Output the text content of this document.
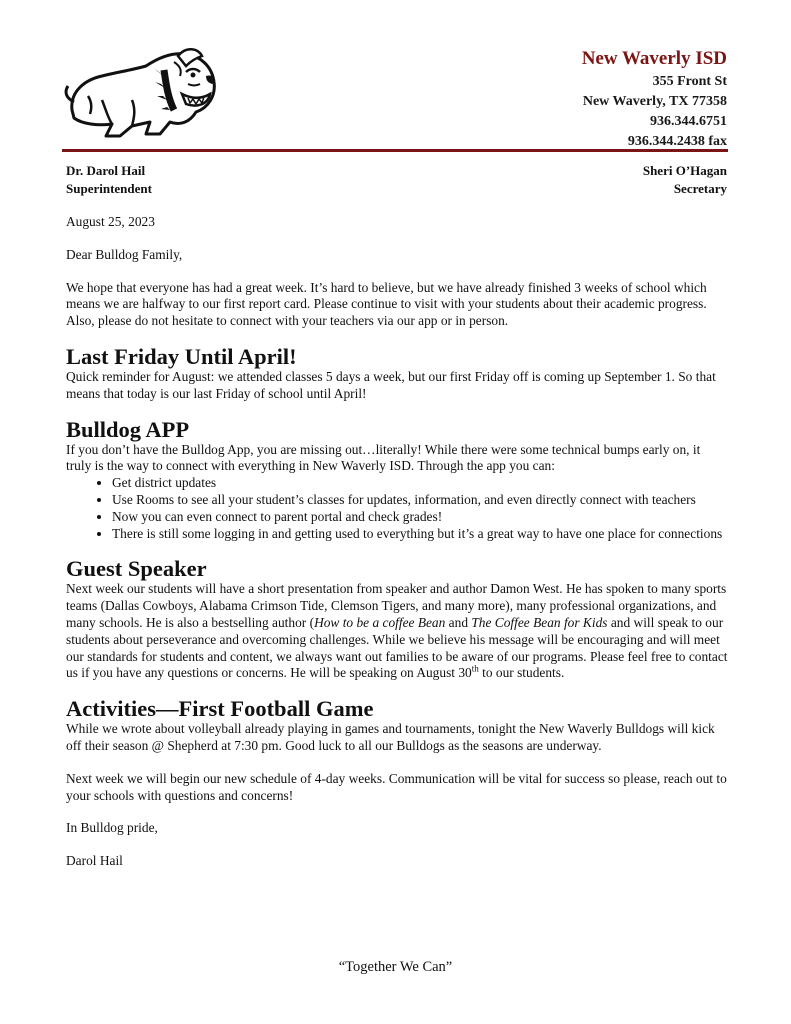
New Waverly ISD
355 Front St
New Waverly, TX 77358
936.344.6751
936.344.2438 fax
Dr. Darol Hail
Superintendent
Sheri O’Hagan
Secretary

August 25, 2023

Dear Bulldog Family,

We hope that everyone has had a great week. It’s hard to believe, but we have already finished 3 weeks of school which means we are halfway to our first report card. Please continue to visit with your students about their academic progress. Also, please do not hesitate to connect with your teachers via our app or in person.

Last Friday Until April!

Quick reminder for August: we attended classes 5 days a week, but our first Friday off is coming up September 1. So that means that today is our last Friday of school until April!

Bulldog APP

If you don’t have the Bulldog App, you are missing out…literally! While there were some technical bumps early on, it truly is the way to connect with everything in New Waverly ISD. Through the app you can:

• Get district updates
• Use Rooms to see all your student’s classes for updates, information, and even directly connect with teachers
• Now you can even connect to parent portal and check grades!
• There is still some logging in and getting used to everything but it’s a great way to have one place for connections
Guest Speaker

Next week our students will have a short presentation from speaker and author Damon West. He has spoken to many sports teams (Dallas Cowboys, Alabama Crimson Tide, Clemson Tigers, and many more), many professional organizations, and many schools. He is also a bestselling author (How to be a coffee Bean and The Coffee Bean for Kids and will speak to our students about perseverance and overcoming challenges. While we believe his message will be encouraging and will meet our standards for students and content, we always want out families to be aware of our programs. Please feel free to contact us if you have any questions or concerns. He will be speaking on August 30th to our students.

Activities—First Football Game

While we wrote about volleyball already playing in games and tournaments, tonight the New Waverly Bulldogs will kick off their season @ Shepherd at 7:30 pm. Good luck to all our Bulldogs as the seasons are underway.

Next week we will begin our new schedule of 4-day weeks. Communication will be vital for success so please, reach out to your schools with questions and concerns!

In Bulldog pride,

Darol Hail

“Together We Can”
